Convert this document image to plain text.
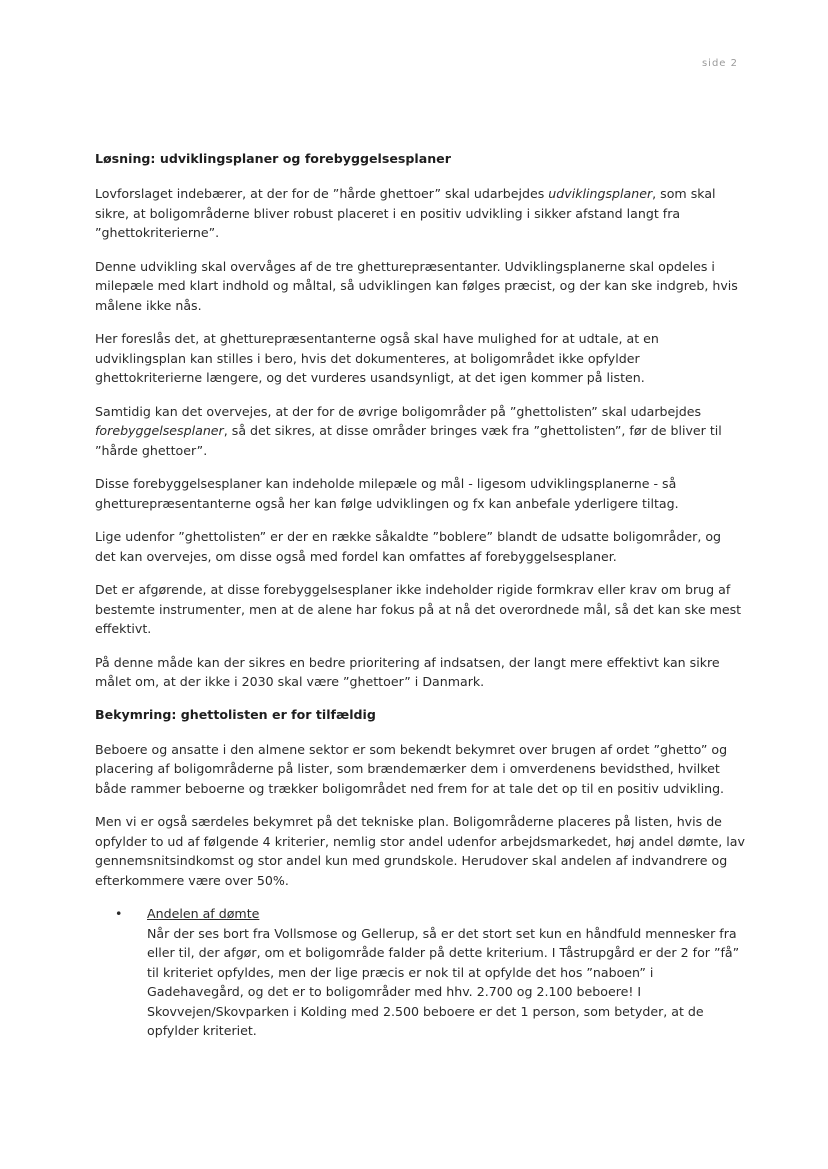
side 2
Løsning: udviklingsplaner og forebyggelsesplaner

Lovforslaget indebærer, at der for de ”hårde ghettoer” skal udarbejdes udviklingsplaner, som skal sikre, at boligområderne bliver robust placeret i en positiv udvikling i sikker afstand langt fra ”ghettokriterierne”.

Denne udvikling skal overvåges af de tre ghetturepræsentanter. Udviklingsplanerne skal opdeles i milepæle med klart indhold og måltal, så udviklingen kan følges præcist, og der kan ske indgreb, hvis målene ikke nås.

Her foreslås det, at ghetturepræsentanterne også skal have mulighed for at udtale, at en udviklingsplan kan stilles i bero, hvis det dokumenteres, at boligområdet ikke opfylder ghettokriterierne længere, og det vurderes usandsynligt, at det igen kommer på listen.

Samtidig kan det overvejes, at der for de øvrige boligområder på ”ghettolisten” skal udarbejdes forebyggelsesplaner, så det sikres, at disse områder bringes væk fra ”ghettolisten”, før de bliver til ”hårde ghettoer”.

Disse forebyggelsesplaner kan indeholde milepæle og mål - ligesom udviklingsplanerne - så ghetturepræsentanterne også her kan følge udviklingen og fx kan anbefale yderligere tiltag.

Lige udenfor ”ghettolisten” er der en række såkaldte ”boblere” blandt de udsatte boligområder, og det kan overvejes, om disse også med fordel kan omfattes af forebyggelsesplaner.

Det er afgørende, at disse forebyggelsesplaner ikke indeholder rigide formkrav eller krav om brug af bestemte instrumenter, men at de alene har fokus på at nå det overordnede mål, så det kan ske mest effektivt.

På denne måde kan der sikres en bedre prioritering af indsatsen, der langt mere effektivt kan sikre målet om, at der ikke i 2030 skal være ”ghettoer” i Danmark.

Bekymring: ghettolisten er for tilfældig

Beboere og ansatte i den almene sektor er som bekendt bekymret over brugen af ordet ”ghetto” og placering af boligområderne på lister, som brændemærker dem i omverdenens bevidsthed, hvilket både rammer beboerne og trækker boligområdet ned frem for at tale det op til en positiv udvikling.

Men vi er også særdeles bekymret på det tekniske plan. Boligområderne placeres på listen, hvis de opfylder to ud af følgende 4 kriterier, nemlig stor andel udenfor arbejdsmarkedet, høj andel dømte, lav gennemsnitsindkomst og stor andel kun med grundskole. Herudover skal andelen af indvandrere og efterkommere være over 50%.

• Andelen af dømte

Når der ses bort fra Vollsmose og Gellerup, så er det stort set kun en håndfuld mennesker fra eller til, der afgør, om et boligområde falder på dette kriterium. I Tåstrupgård er der 2 for ”få” til kriteriet opfyldes, men der lige præcis er nok til at opfylde det hos ”naboen” i Gadehavegård, og det er to boligområder med hhv. 2.700 og 2.100 beboere! I Skovvejen/Skovparken i Kolding med 2.500 beboere er det 1 person, som betyder, at de opfylder kriteriet.
